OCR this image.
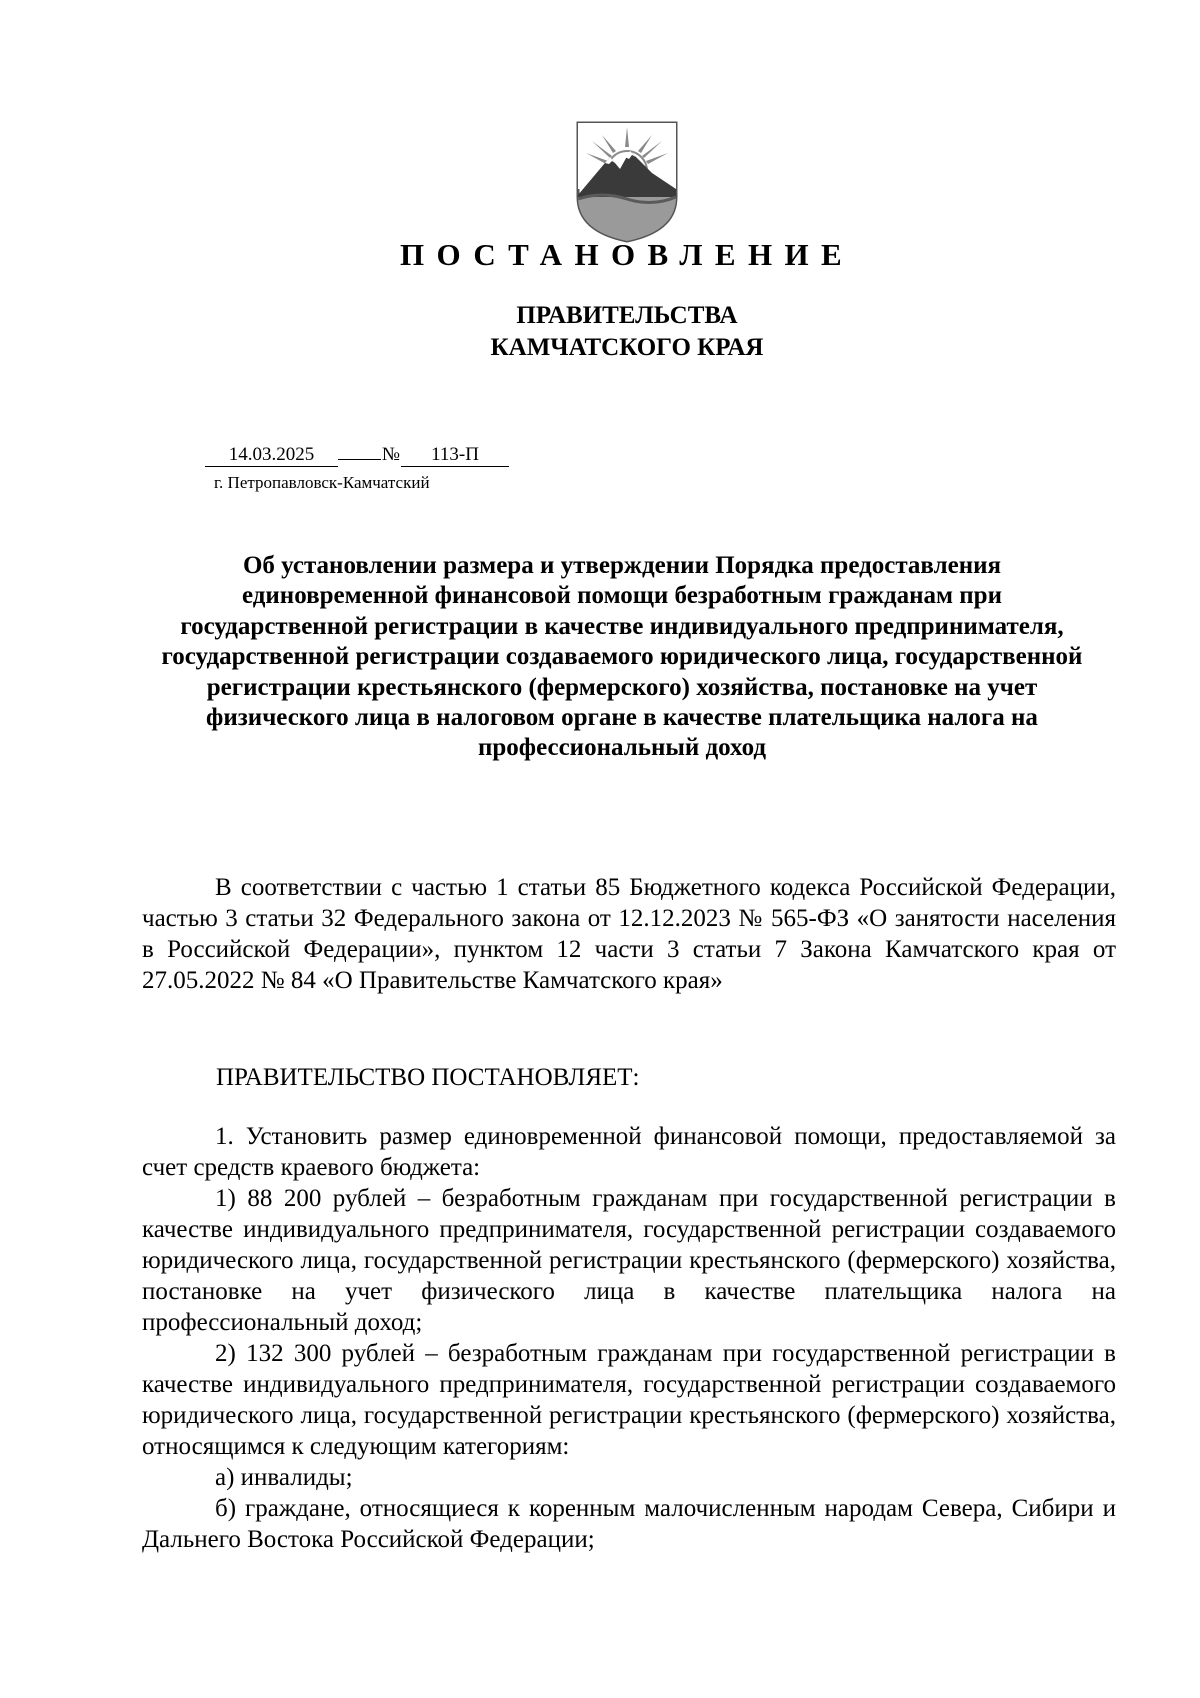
ПОСТАНОВЛЕНИЕ
ПРАВИТЕЛЬСТВА
КАМЧАТСКОГО КРАЯ
14.03.2025	№	113-П
г. Петропавловск-Камчатский
Об установлении размера и утверждении Порядка предоставления единовременной финансовой помощи безработным гражданам при государственной регистрации в качестве индивидуального предпринимателя, государственной регистрации создаваемого юридического лица, государственной регистрации крестьянского (фермерского) хозяйства, постановке на учет физического лица в налоговом органе в качестве плательщика налога на профессиональный доход

В соответствии с частью 1 статьи 85 Бюджетного кодекса Российской Федерации, частью 3 статьи 32 Федерального закона от 12.12.2023 № 565-ФЗ «О занятости населения в Российской Федерации», пунктом 12 части 3 статьи 7 Закона Камчатского края от 27.05.2022 № 84 «О Правительстве Камчатского края»

ПРАВИТЕЛЬСТВО ПОСТАНОВЛЯЕТ:

1. Установить размер единовременной финансовой помощи, предоставляемой за счет средств краевого бюджета:

1) 88 200 рублей – безработным гражданам при государственной регистрации в качестве индивидуального предпринимателя, государственной регистрации создаваемого юридического лица, государственной регистрации крестьянского (фермерского) хозяйства, постановке на учет физического лица в качестве плательщика налога на профессиональный доход;

2) 132 300 рублей – безработным гражданам при государственной регистрации в качестве индивидуального предпринимателя, государственной регистрации создаваемого юридического лица, государственной регистрации крестьянского (фермерского) хозяйства, относящимся к следующим категориям:

а) инвалиды;

б) граждане, относящиеся к коренным малочисленным народам Севера, Сибири и Дальнего Востока Российской Федерации;
